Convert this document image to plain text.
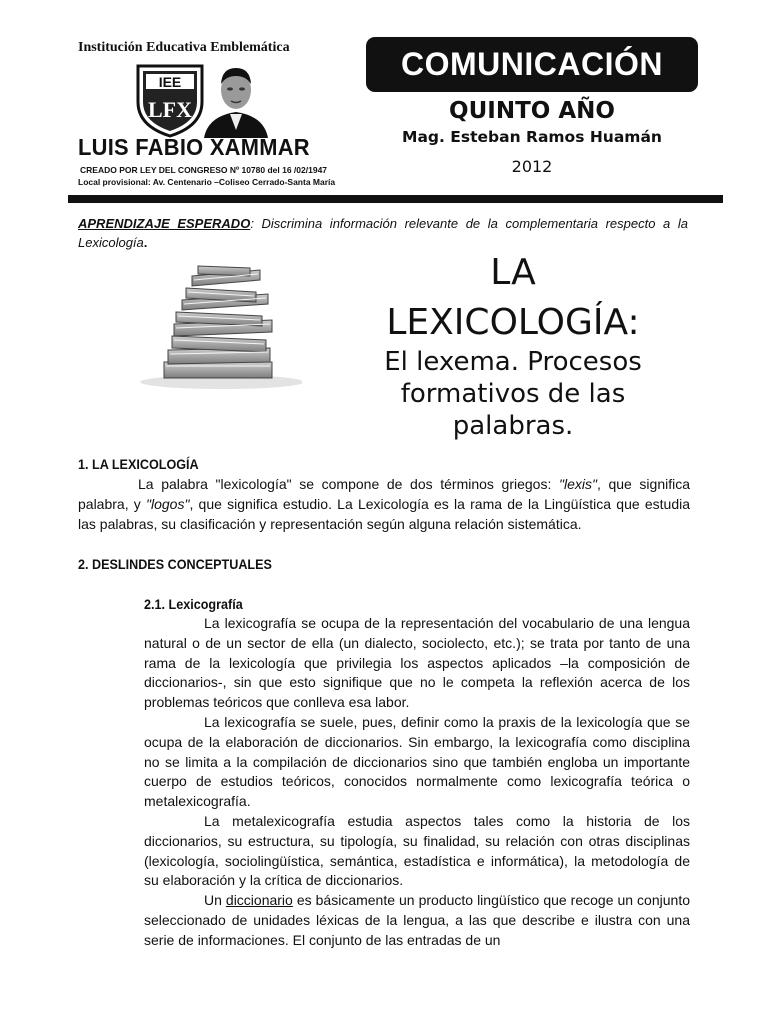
Institución Educativa Emblemática
IEE
LFX
LUIS FABIO XAMMAR
CREADO POR LEY DEL CONGRESO Nº 10780 del 16 /02/1947
Local provisional: Av. Centenario –Coliseo Cerrado-Santa María
COMUNICACIÓN
QUINTO AÑO
Mag. Esteban Ramos Huamán
2012
APRENDIZAJE ESPERADO: Discrimina información relevante de la complementaria respecto a la Lexicología.
LA
LEXICOLOGÍA:
El lexema. Procesos formativos de las palabras.
1. LA LEXICOLOGÍA
La palabra "lexicología" se compone de dos términos griegos: "lexis", que significa palabra, y "logos", que significa estudio. La Lexicología es la rama de la Lingüística que estudia las palabras, su clasificación y representación según alguna relación sistemática.
2. DESLINDES CONCEPTUALES
2.1. Lexicografía
La lexicografía se ocupa de la representación del vocabulario de una lengua natural o de un sector de ella (un dialecto, sociolecto, etc.); se trata por tanto de una rama de la lexicología que privilegia los aspectos aplicados –la composición de diccionarios-, sin que esto signifique que no le competa la reflexión acerca de los problemas teóricos que conlleva esa labor.
La lexicografía se suele, pues, definir como la praxis de la lexicología que se ocupa de la elaboración de diccionarios. Sin embargo, la lexicografía como disciplina no se limita a la compilación de diccionarios sino que también engloba un importante cuerpo de estudios teóricos, conocidos normalmente como lexicografía teórica o metalexicografía.
La metalexicografía estudia aspectos tales como la historia de los diccionarios, su estructura, su tipología, su finalidad, su relación con otras disciplinas (lexicología, sociolingüística, semántica, estadística e informática), la metodología de su elaboración y la crítica de diccionarios.
Un diccionario es básicamente un producto lingüístico que recoge un conjunto seleccionado de unidades léxicas de la lengua, a las que describe e ilustra con una serie de informaciones. El conjunto de las entradas de un
